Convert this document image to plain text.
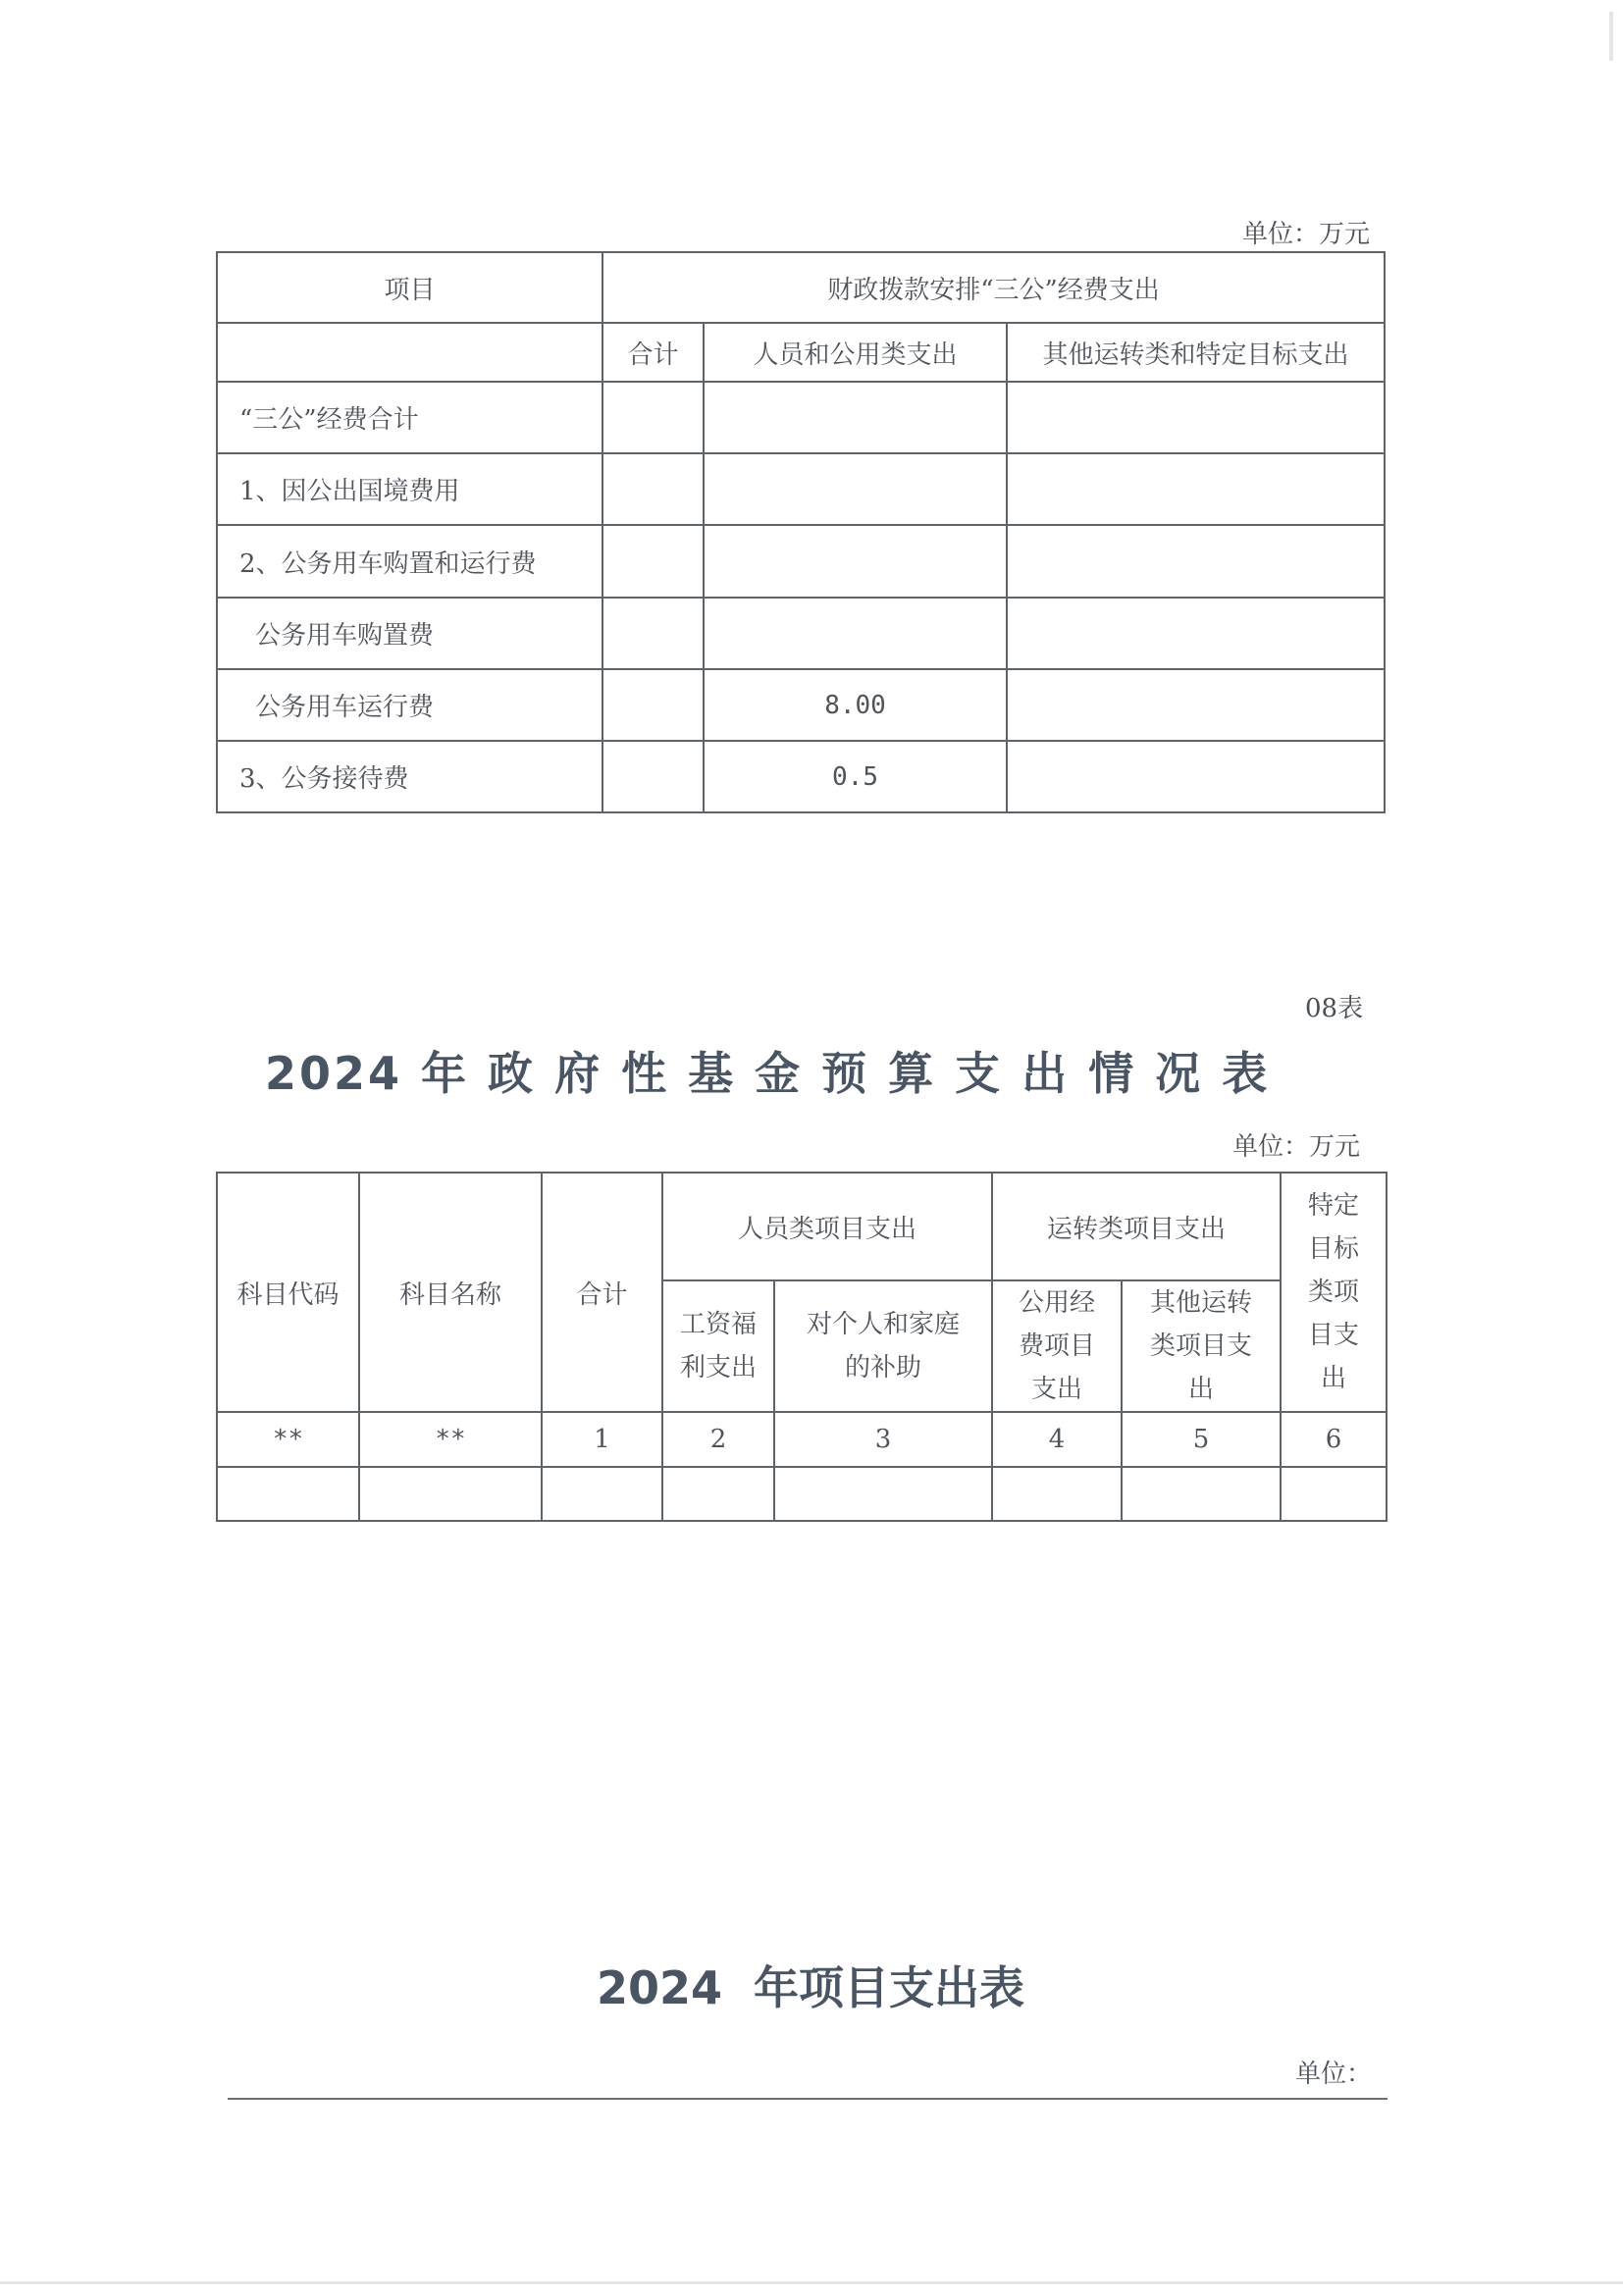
单位：万元
项目	财政拨款安排“三公”经费支出		
	合计	人员和公用类支出	其他运转类和特定目标支出
“三公”经费合计			
1、因公出国境费用			
2、公务用车购置和运行费			
公务用车购置费			
公务用车运行费		8.00	
3、公务接待费		0.5	
08表
2024 年 政 府 性 基 金 预 算 支 出 情 况 表
单位：万元
科目代码	科目名称	合计	人员类项目支出		运转类项目支出		特定目标类项目支出
			工资福利支出	对个人和家庭的补助	公用经费项目支出	其他运转类项目支出	
**	**	1	2	3	4	5	6

2024  年项目支出表
单位：
